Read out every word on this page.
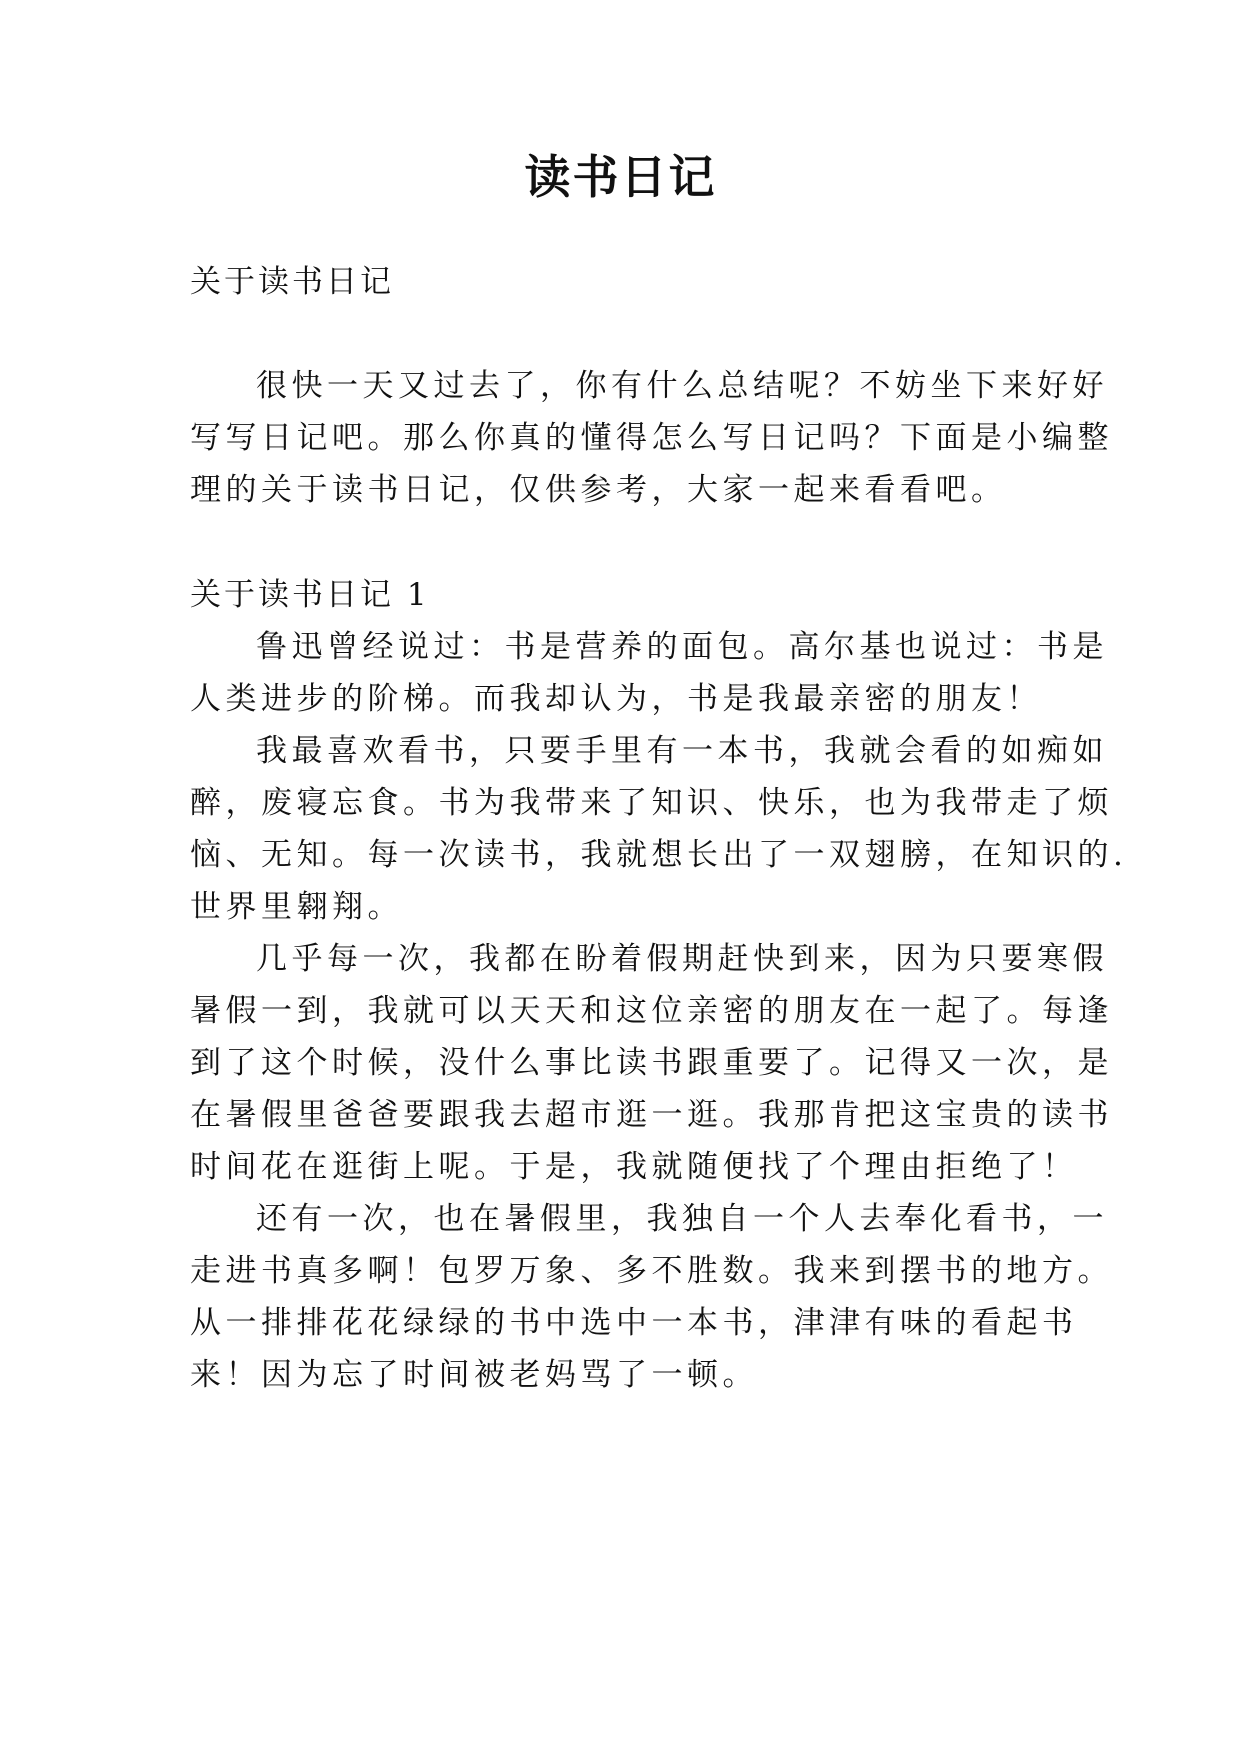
读书日记

关于读书日记

很快一天又过去了，你有什么总结呢？不妨坐下来好好

写写日记吧。那么你真的懂得怎么写日记吗？下面是小编整

理的关于读书日记，仅供参考，大家一起来看看吧。

关于读书日记 1

鲁迅曾经说过：书是营养的面包。高尔基也说过：书是

人类进步的阶梯。而我却认为，书是我最亲密的朋友！

我最喜欢看书，只要手里有一本书，我就会看的如痴如

醉，废寝忘食。书为我带来了知识、快乐，也为我带走了烦

恼、无知。每一次读书，我就想长出了一双翅膀，在知识的.

世界里翱翔。

几乎每一次，我都在盼着假期赶快到来，因为只要寒假

暑假一到，我就可以天天和这位亲密的朋友在一起了。每逢

到了这个时候，没什么事比读书跟重要了。记得又一次，是

在暑假里爸爸要跟我去超市逛一逛。我那肯把这宝贵的读书

时间花在逛街上呢。于是，我就随便找了个理由拒绝了！

还有一次，也在暑假里，我独自一个人去奉化看书，一

走进书真多啊！包罗万象、多不胜数。我来到摆书的地方。

从一排排花花绿绿的书中选中一本书，津津有味的看起书

来！因为忘了时间被老妈骂了一顿。
